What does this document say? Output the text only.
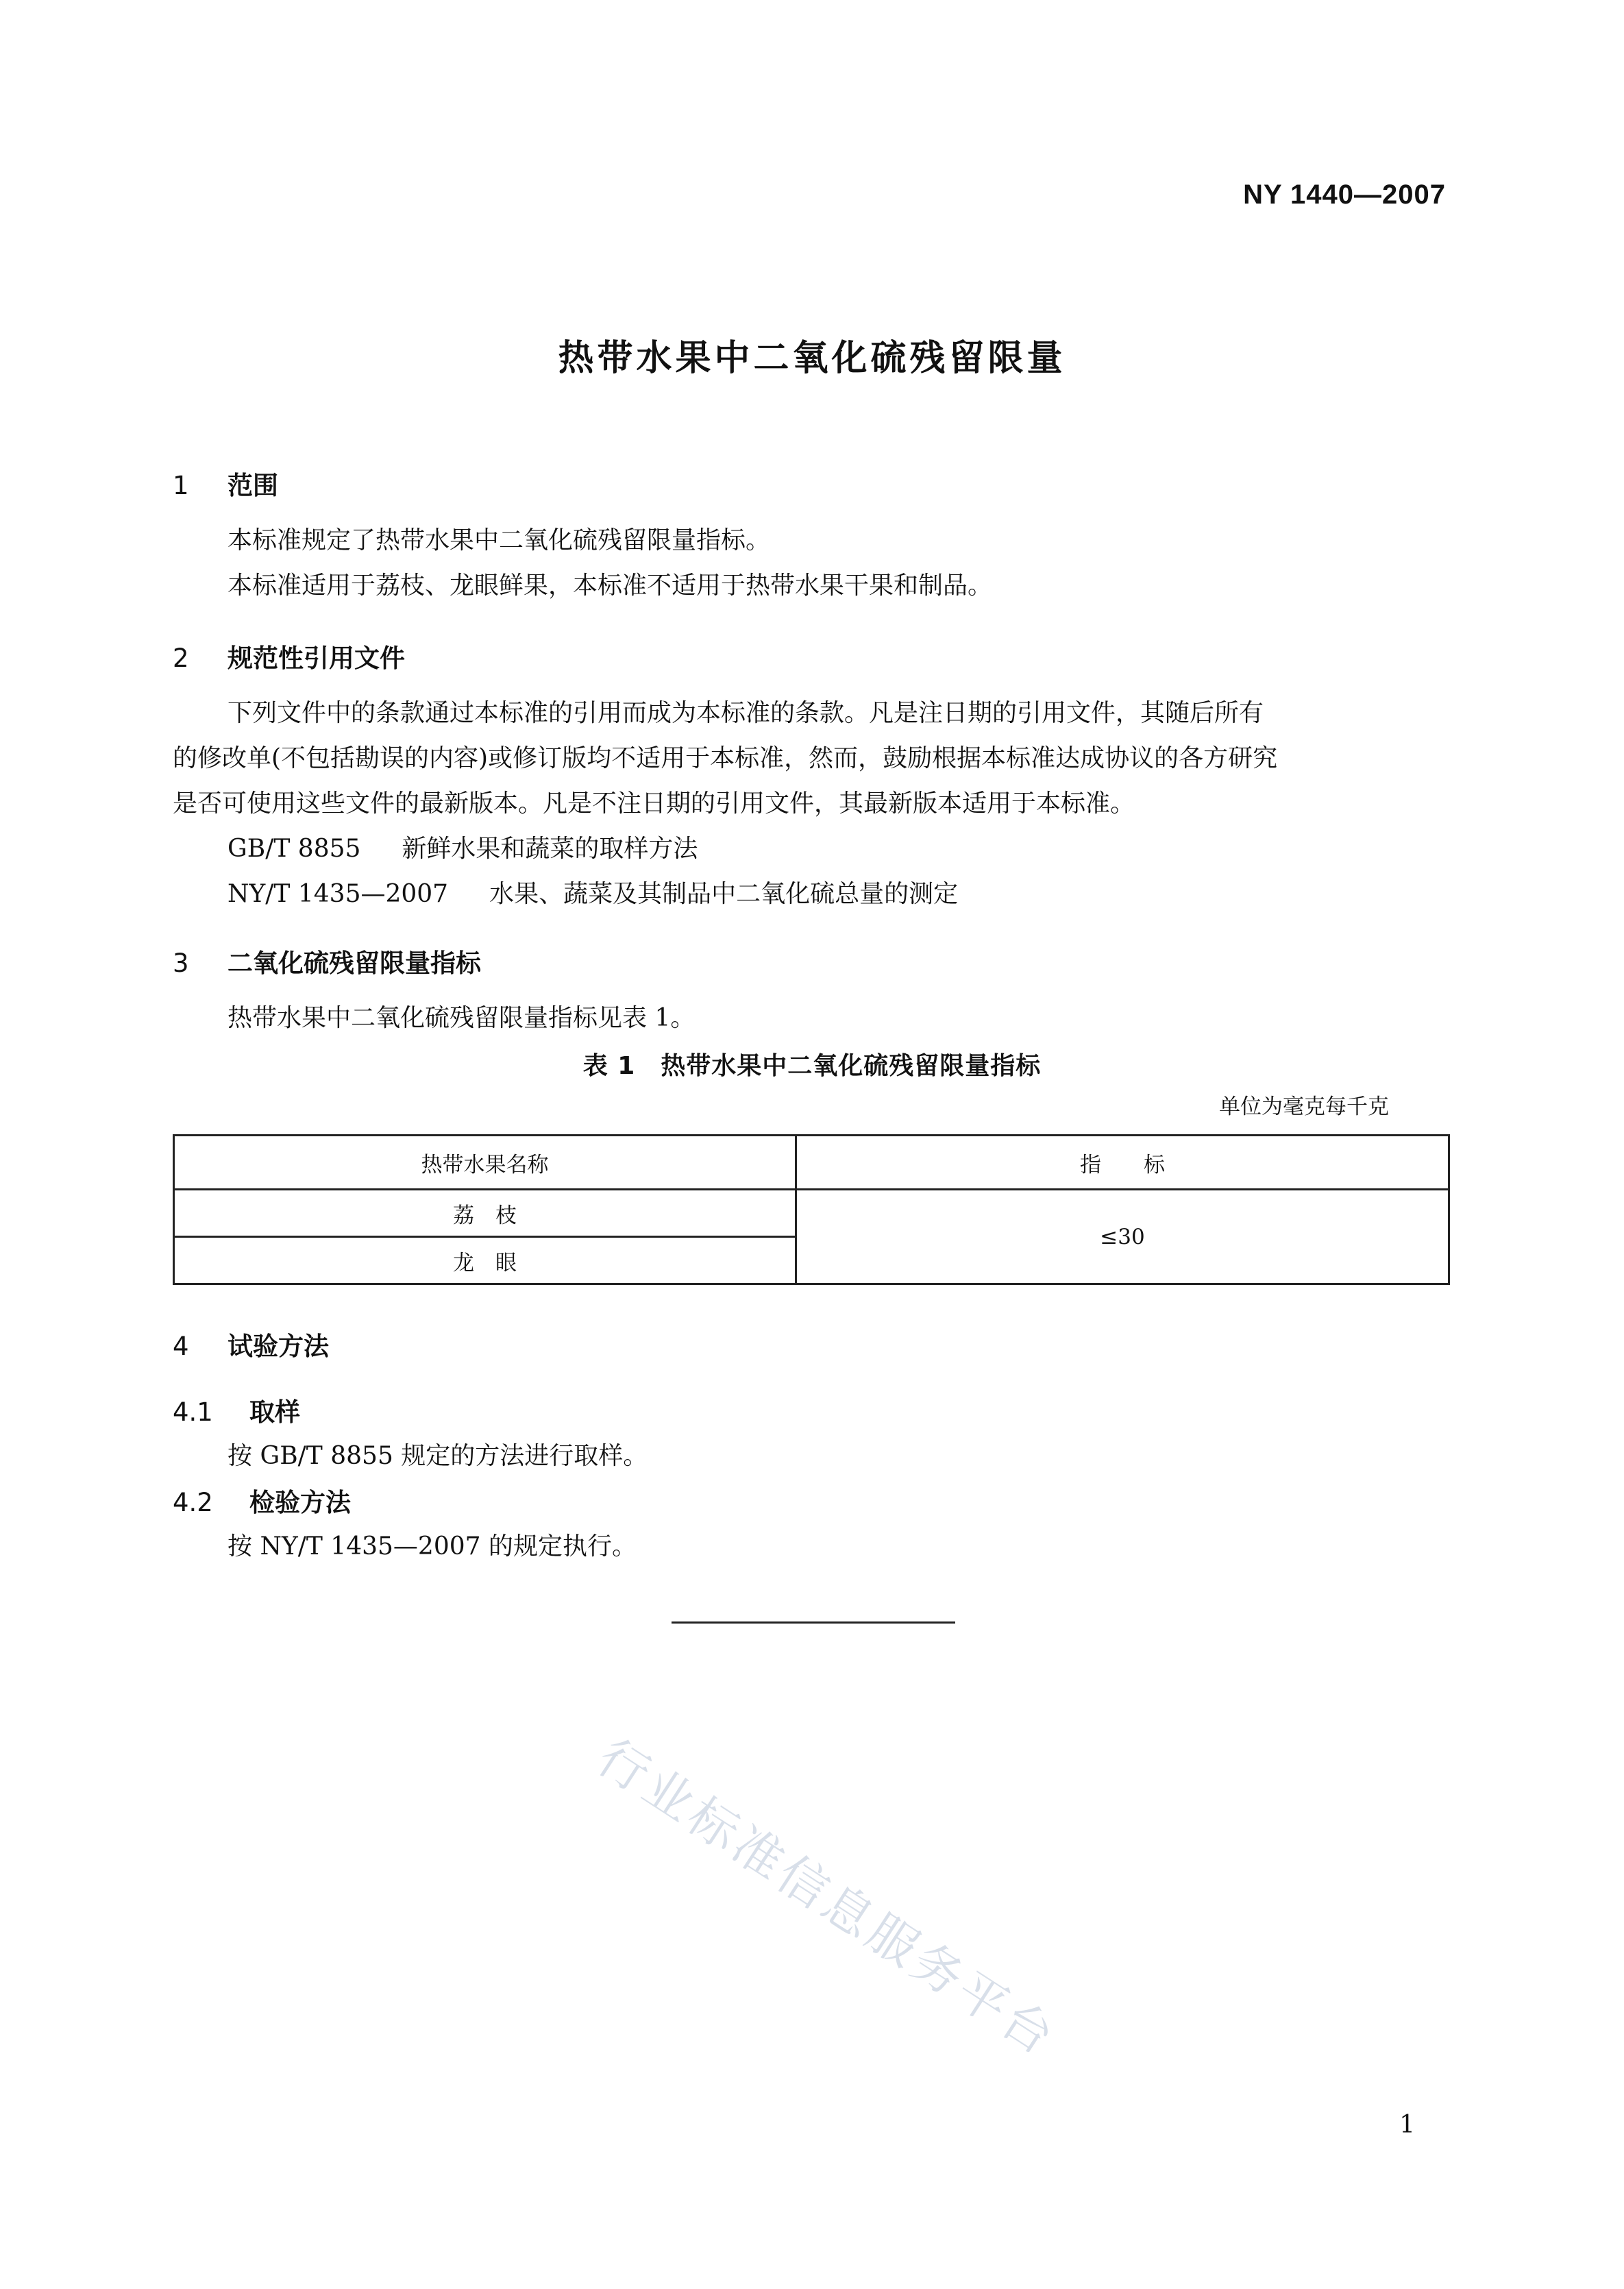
NY 1440—2007
热带水果中二氧化硫残留限量
1 范围
本标准规定了热带水果中二氧化硫残留限量指标。
本标准适用于荔枝、龙眼鲜果，本标准不适用于热带水果干果和制品。
2 规范性引用文件
下列文件中的条款通过本标准的引用而成为本标准的条款。凡是注日期的引用文件，其随后所有
的修改单(不包括勘误的内容)或修订版均不适用于本标准，然而，鼓励根据本标准达成协议的各方研究
是否可使用这些文件的最新版本。凡是不注日期的引用文件，其最新版本适用于本标准。
GB/T 8855 新鲜水果和蔬菜的取样方法
NY/T 1435—2007 水果、蔬菜及其制品中二氧化硫总量的测定
3 二氧化硫残留限量指标
热带水果中二氧化硫残留限量指标见表 1。
表 1　热带水果中二氧化硫残留限量指标
单位为毫克每千克
热带水果名称	指　　标
荔　枝	≤30
龙　眼	
4 试验方法
4.1 取样
按 GB/T 8855 规定的方法进行取样。
4.2 检验方法
按 NY/T 1435—2007 的规定执行。
行业标准信息服务平台
1
